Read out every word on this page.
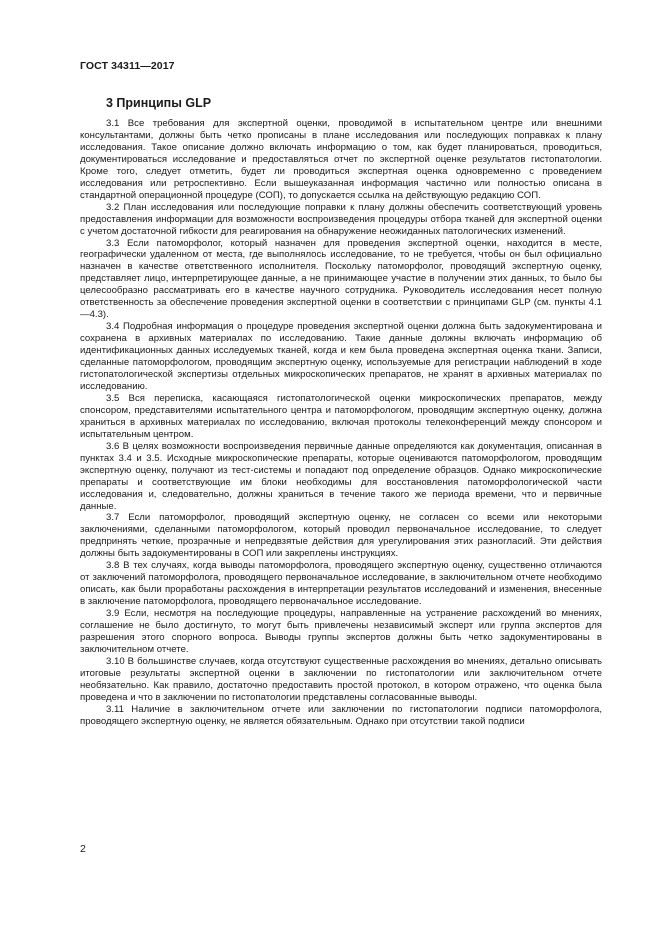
ГОСТ 34311—2017
3 Принципы GLP

3.1 Все требования для экспертной оценки, проводимой в испытательном центре или внешними консультантами, должны быть четко прописаны в плане исследования или последующих поправках к плану исследования. Такое описание должно включать информацию о том, как будет планироваться, проводиться, документироваться исследование и предоставляться отчет по экспертной оценке результатов гистопатологии. Кроме того, следует отметить, будет ли проводиться экспертная оценка одновременно с проведением исследования или ретроспективно. Если вышеуказанная информация частично или полностью описана в стандартной операционной процедуре (СОП), то допускается ссылка на действующую редакцию СОП.

3.2 План исследования или последующие поправки к плану должны обеспечить соответствующий уровень предоставления информации для возможности воспроизведения процедуры отбора тканей для экспертной оценки с учетом достаточной гибкости для реагирования на обнаружение неожиданных патологических изменений.

3.3 Если патоморфолог, который назначен для проведения экспертной оценки, находится в месте, географически удаленном от места, где выполнялось исследование, то не требуется, чтобы он был официально назначен в качестве ответственного исполнителя. Поскольку патоморфолог, проводящий экспертную оценку, представляет лицо, интерпретирующее данные, а не принимающее участие в получении этих данных, то было бы целесообразно рассматривать его в качестве научного сотрудника. Руководитель исследования несет полную ответственность за обеспечение проведения экспертной оценки в соответствии с принципами GLP (см. пункты 4.1—4.3).

3.4 Подробная информация о процедуре проведения экспертной оценки должна быть задокументирована и сохранена в архивных материалах по исследованию. Такие данные должны включать информацию об идентификационных данных исследуемых тканей, когда и кем была проведена экспертная оценка ткани. Записи, сделанные патоморфологом, проводящим экспертную оценку, используемые для регистрации наблюдений в ходе гистопатологической экспертизы отдельных микроскопических препаратов, не хранят в архивных материалах по исследованию.

3.5 Вся переписка, касающаяся гистопатологической оценки микроскопических препаратов, между спонсором, представителями испытательного центра и патоморфологом, проводящим экспертную оценку, должна храниться в архивных материалах по исследованию, включая протоколы телеконференций между спонсором и испытательным центром.

3.6 В целях возможности воспроизведения первичные данные определяются как документация, описанная в пунктах 3.4 и 3.5. Исходные микроскопические препараты, которые оцениваются патоморфологом, проводящим экспертную оценку, получают из тест-системы и попадают под определение образцов. Однако микроскопические препараты и соответствующие им блоки необходимы для восстановления патоморфологической части исследования и, следовательно, должны храниться в течение такого же периода времени, что и первичные данные.

3.7 Если патоморфолог, проводящий экспертную оценку, не согласен со всеми или некоторыми заключениями, сделанными патоморфологом, который проводил первоначальное исследование, то следует предпринять четкие, прозрачные и непредвзятые действия для урегулирования этих разногласий. Эти действия должны быть задокументированы в СОП или закреплены инструкциях.

3.8 В тех случаях, когда выводы патоморфолога, проводящего экспертную оценку, существенно отличаются от заключений патоморфолога, проводящего первоначальное исследование, в заключительном отчете необходимо описать, как были проработаны расхождения в интерпретации результатов исследований и изменения, внесенные в заключение патоморфолога, проводящего первоначальное исследование.

3.9 Если, несмотря на последующие процедуры, направленные на устранение расхождений во мнениях, соглашение не было достигнуто, то могут быть привлечены независимый эксперт или группа экспертов для разрешения этого спорного вопроса. Выводы группы экспертов должны быть четко задокументированы в заключительном отчете.

3.10 В большинстве случаев, когда отсутствуют существенные расхождения во мнениях, детально описывать итоговые результаты экспертной оценки в заключении по гистопатологии или заключительном отчете необязательно. Как правило, достаточно предоставить простой протокол, в котором отражено, что оценка была проведена и что в заключении по гистопатологии представлены согласованные выводы.

3.11 Наличие в заключительном отчете или заключении по гистопатологии подписи патоморфолога, проводящего экспертную оценку, не является обязательным. Однако при отсутствии такой подписи

2
